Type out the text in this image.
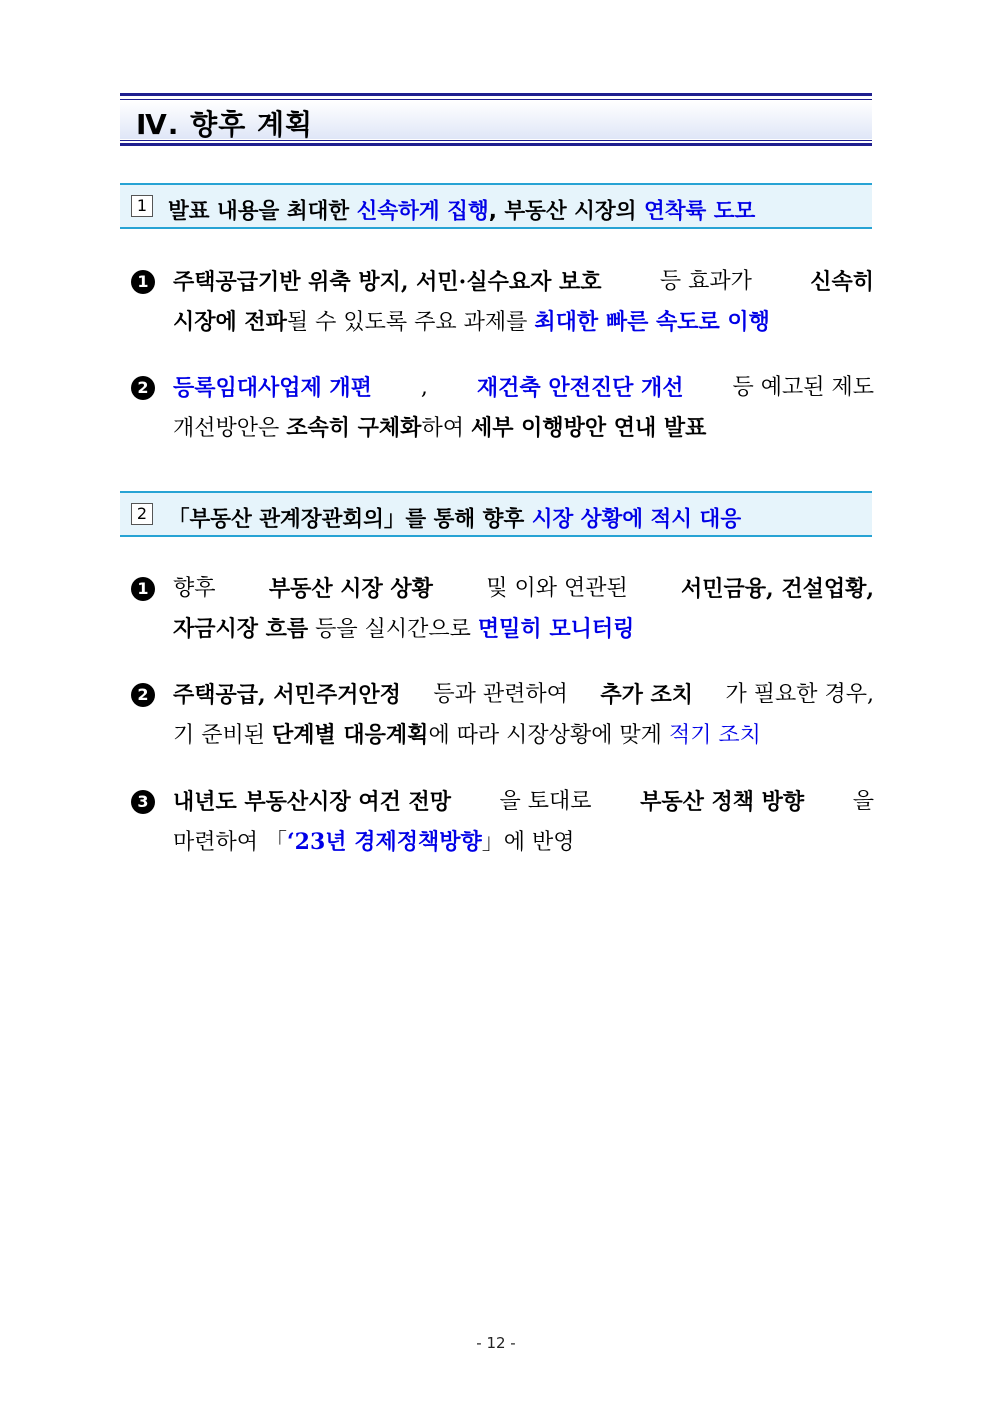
Ⅳ. 향후 계획
1 발표 내용을 최대한 신속하게 집행, 부동산 시장의 연착륙 도모
1 주택공급기반 위축 방지, 서민·실수요자 보호	등 효과가	신속히
시장에 전파될 수 있도록 주요 과제를 최대한 빠른 속도로 이행
2 등록임대사업제 개편 , 재건축 안전진단 개선 등 예고된 제도
개선방안은 조속히 구체화하여 세부 이행방안 연내 발표
2 「부동산 관계장관회의」를 통해 향후 시장 상황에 적시 대응
1 향후 부동산 시장 상황 및 이와 연관된 서민금융, 건설업황,
자금시장 흐름 등을 실시간으로 면밀히 모니터링
2 주택공급, 서민주거안정 등과 관련하여 추가 조치 가 필요한 경우,
기 준비된 단계별 대응계획에 따라 시장상황에 맞게 적기 조치
3 내년도 부동산시장 여건 전망 을 토대로 부동산 정책 방향 을
마련하여 「‘23년 경제정책방향」에 반영
- 12 -
